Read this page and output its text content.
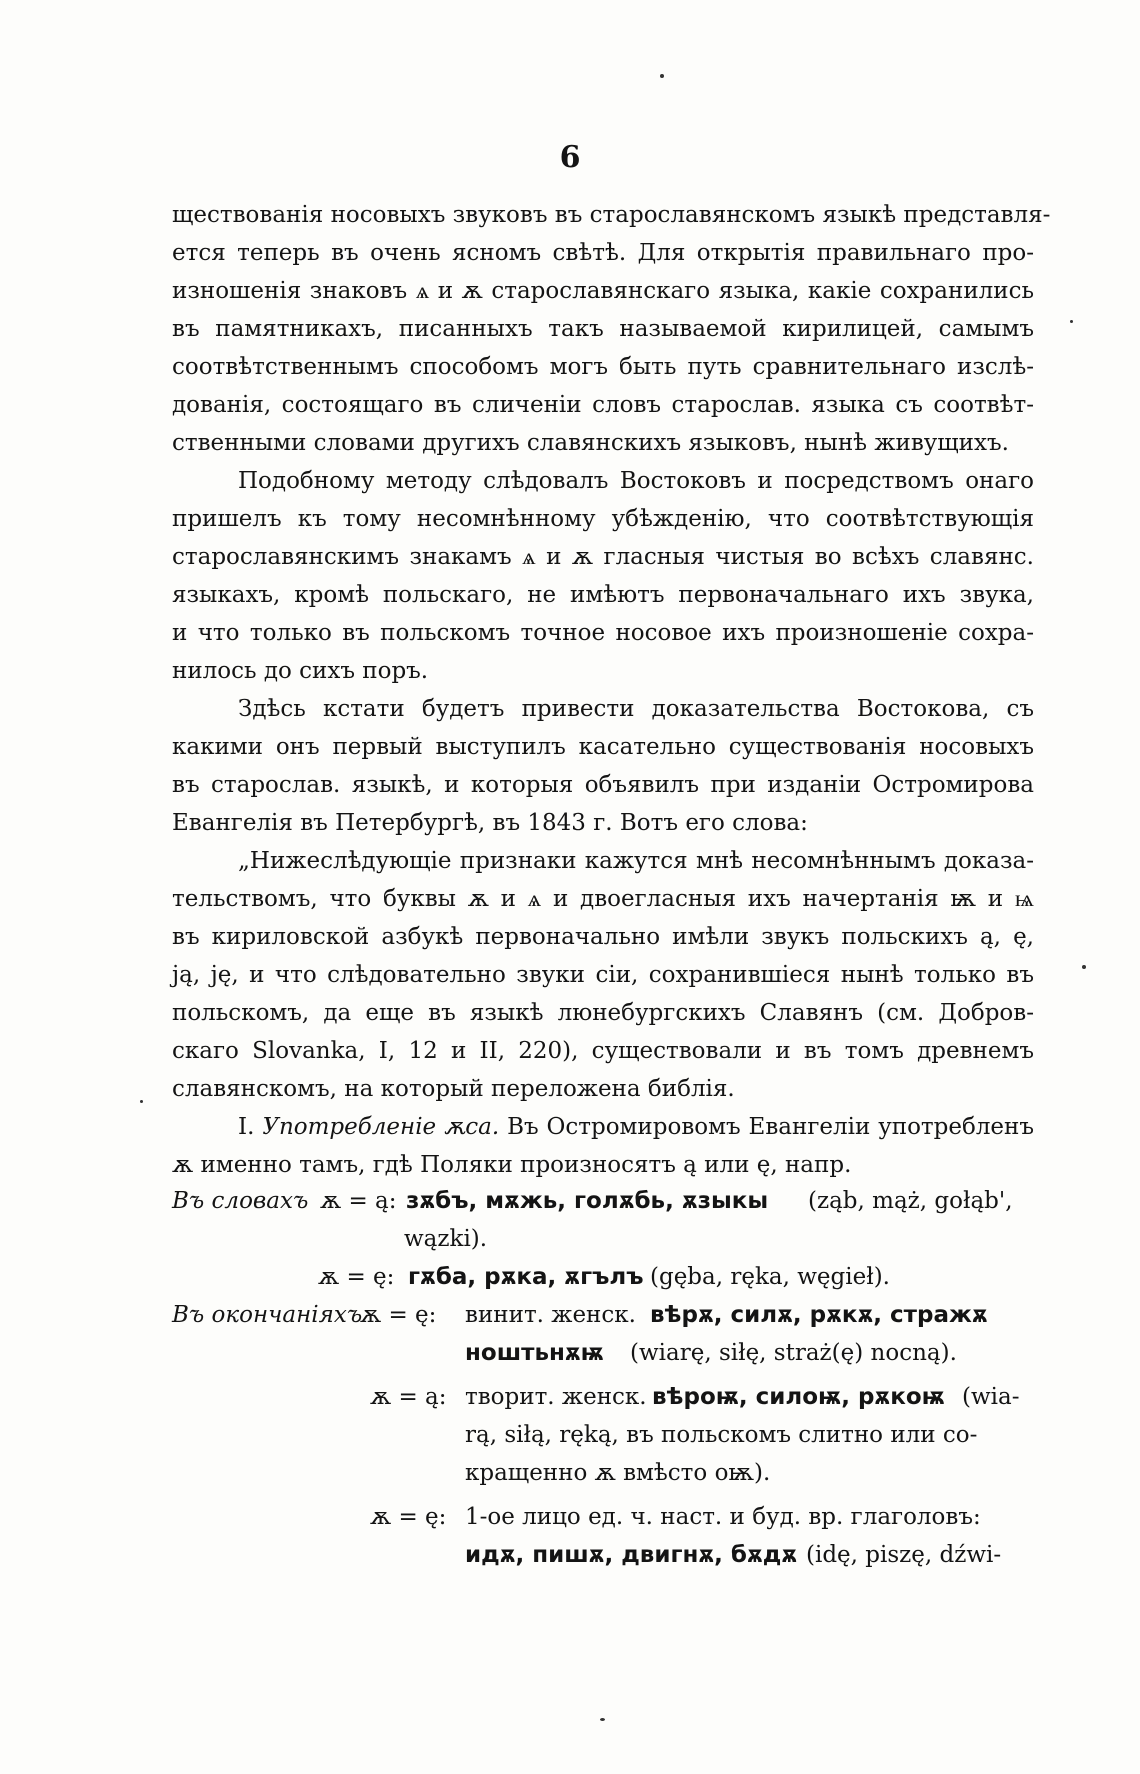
6
ществованія носовыхъ звуковъ въ старославянскомъ языкѣ представля-
ется теперь въ очень ясномъ свѣтѣ. Для открытія правильнаго про-
изношенія знаковъ ѧ и ѫ старославянскаго языка, какіе сохранились
въ памятникахъ, писанныхъ такъ называемой кирилицей, самымъ
соотвѣтственнымъ способомъ могъ быть путь сравнительнаго изслѣ-
дованія, состоящаго въ сличеніи словъ старослав. языка съ соотвѣт-
ственными словами другихъ славянскихъ языковъ, нынѣ живущихъ.
Подобному методу слѣдовалъ Востоковъ и посредствомъ онаго
пришелъ къ тому несомнѣнному убѣжденію, что соотвѣтствующія
старославянскимъ знакамъ ѧ и ѫ гласныя чистыя во всѣхъ славянс.
языкахъ, кромѣ польскаго, не имѣютъ первоначальнаго ихъ звука,
и что только въ польскомъ точное носовое ихъ произношеніе сохра-
нилось до сихъ поръ.
Здѣсь кстати будетъ привести доказательства Востокова, съ
какими онъ первый выступилъ касательно существованія носовыхъ
въ старослав. языкѣ, и которыя объявилъ при изданіи Остромирова
Евангелія въ Петербургѣ, въ 1843 г. Вотъ его слова:
„Нижеслѣдующіе признаки кажутся мнѣ несомнѣннымъ доказа-
тельствомъ, что буквы ѫ и ѧ и двоегласныя ихъ начертанія ѭ и ѩ
въ кириловской азбукѣ первоначально имѣли звукъ польскихъ ą, ę,
ją, ję, и что слѣдовательно звуки сіи, сохранившіеся нынѣ только въ
польскомъ, да еще въ языкѣ люнебургскихъ Славянъ (см. Добров-
скаго Slovanka, I, 12 и II, 220), существовали и въ томъ древнемъ
славянскомъ, на который переложена библія.
I. Употребленіе ѫса. Въ Остромировомъ Евангеліи употребленъ
ѫ именно тамъ, гдѣ Поляки произносятъ ą или ę, напр.
Въ словахъ ѫ = ą: зѫбъ, мѫжь, голѫбь, ѫзыкы (ząb, mąż, gołąb',
wązki).
ѫ = ę: гѫба, рѫка, ѫгълъ (gęba, ręka, węgieł).
Въ окончаніяхъ
ѫ = ę: винит. женск. вѣрѫ, силѫ, рѫкѫ, стражѫ
ноштьнѫѭ (wiarę, siłę, straż(ę) nocną).
ѫ = ą: творит. женск. вѣроѭ, силоѭ, рѫкоѭ (wia-
rą, siłą, ręką, въ польскомъ слитно или со-
кращенно ѫ вмѣсто оѭ).
ѫ = ę: 1-ое лицо ед. ч. наст. и буд. вр. глаголовъ:
идѫ, пишѫ, двигнѫ, бѫдѫ (idę, piszę, dźwi-
